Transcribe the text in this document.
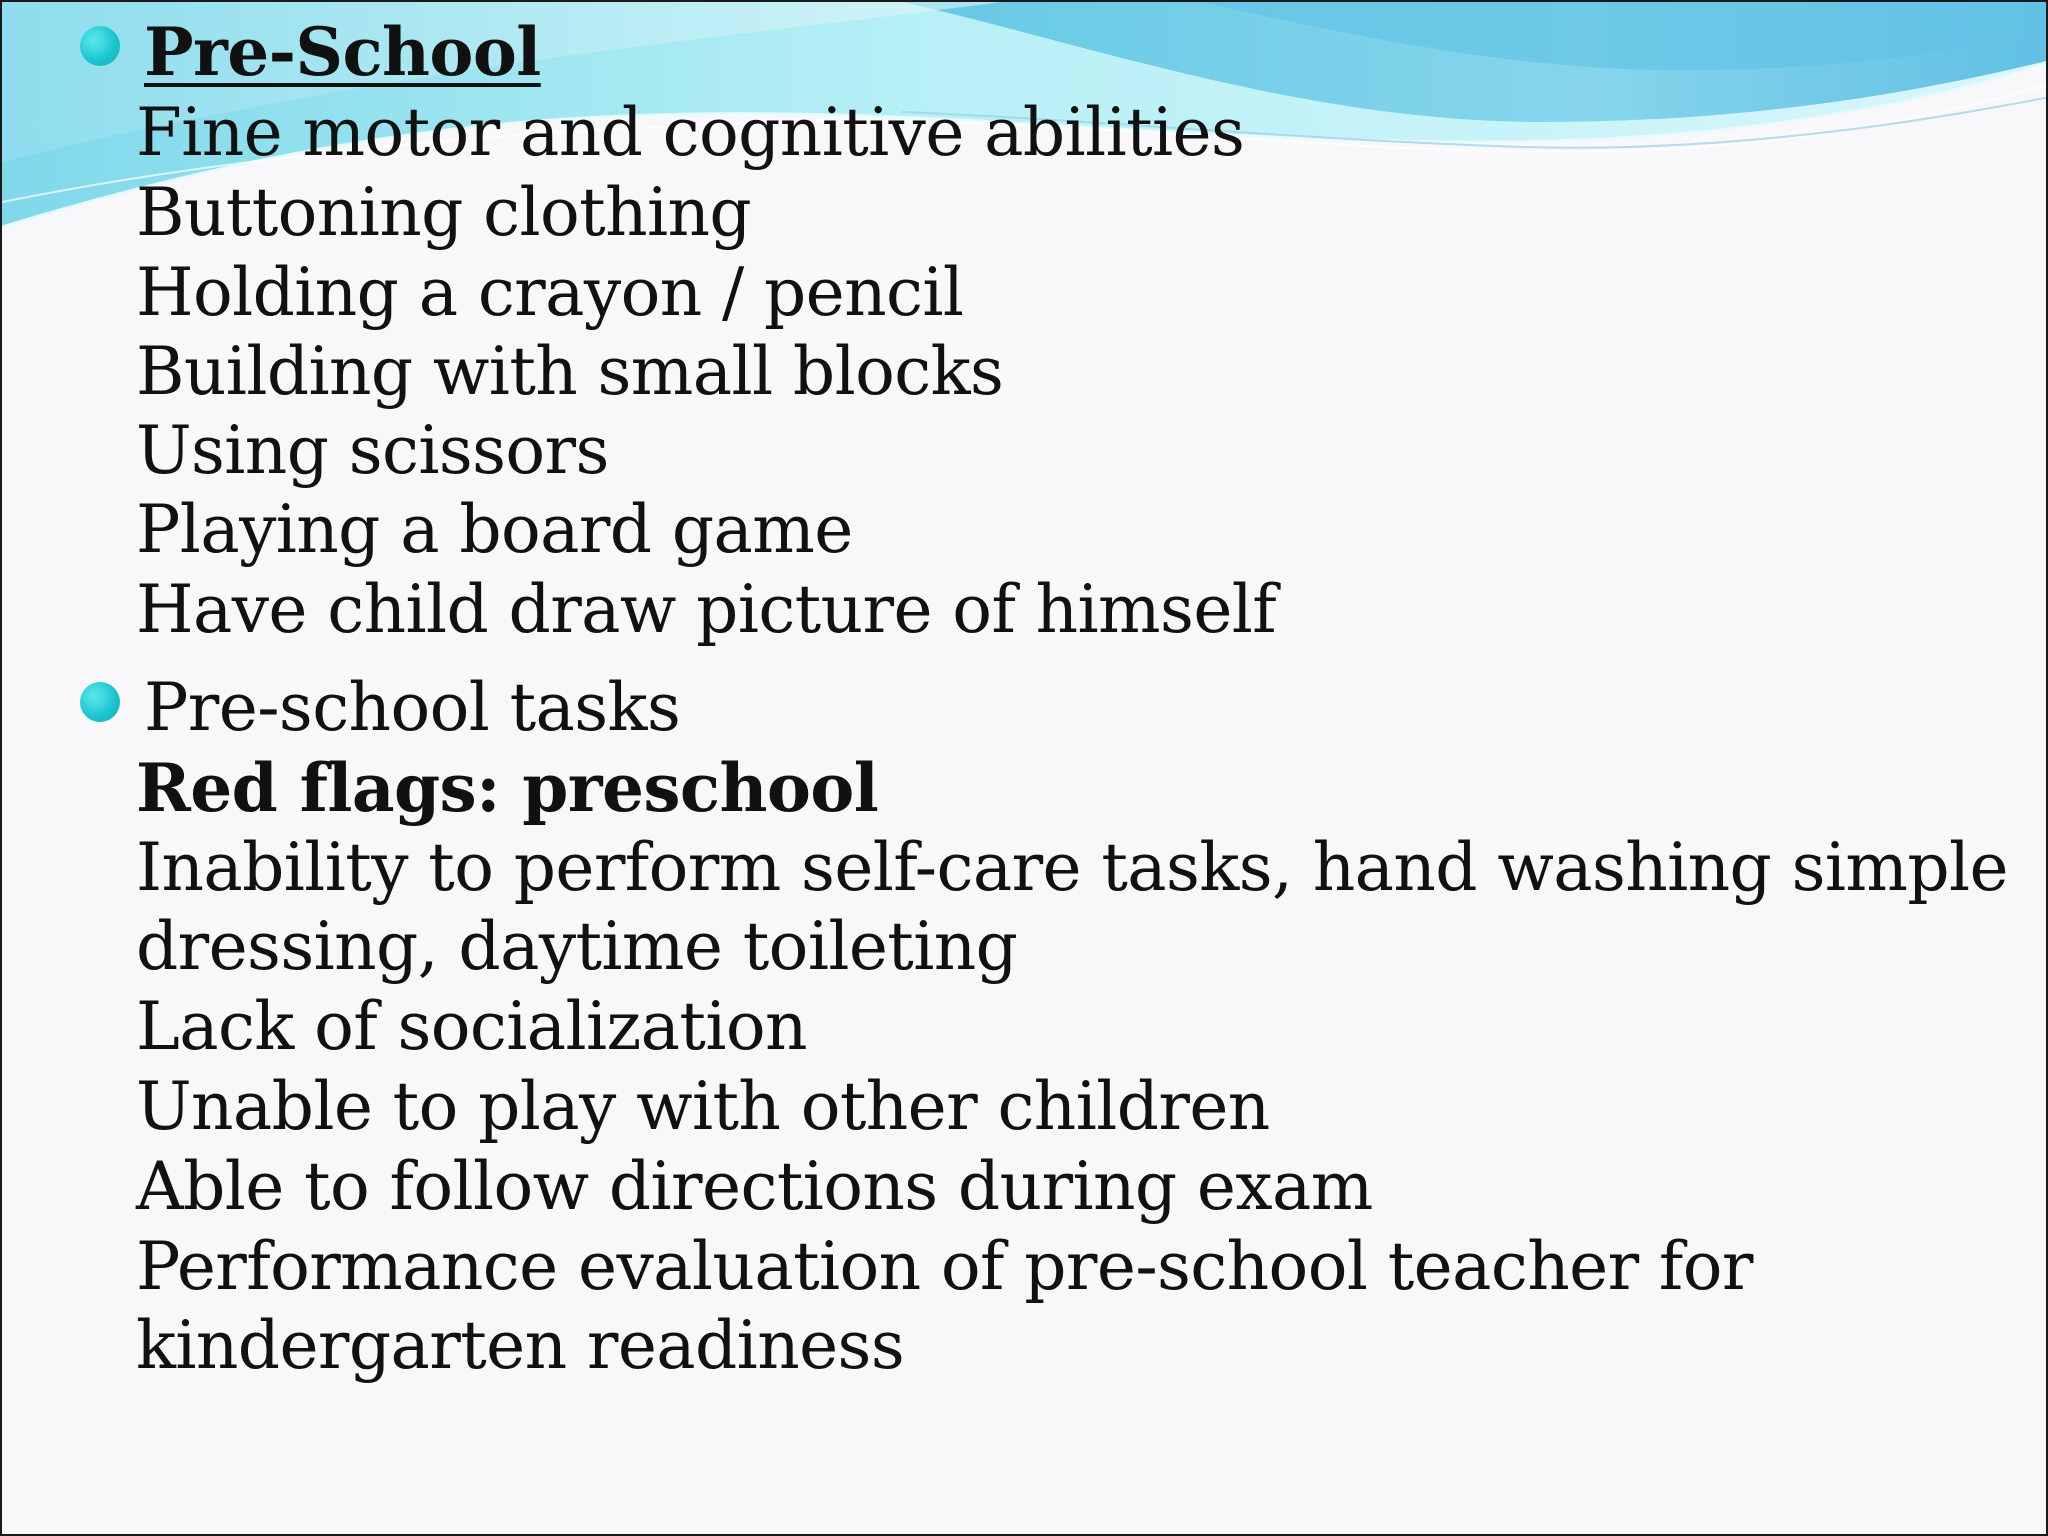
Pre-School
Fine motor and cognitive abilities
Buttoning clothing
Holding a crayon / pencil
Building with small blocks
Using scissors
Playing a board game
Have child draw picture of himself
Pre-school tasks
Red flags: preschool
Inability to perform self-care tasks, hand washing simple
dressing, daytime toileting
Lack of socialization
Unable to play with other children
Able to follow directions during exam
Performance evaluation of pre-school teacher for
kindergarten readiness
